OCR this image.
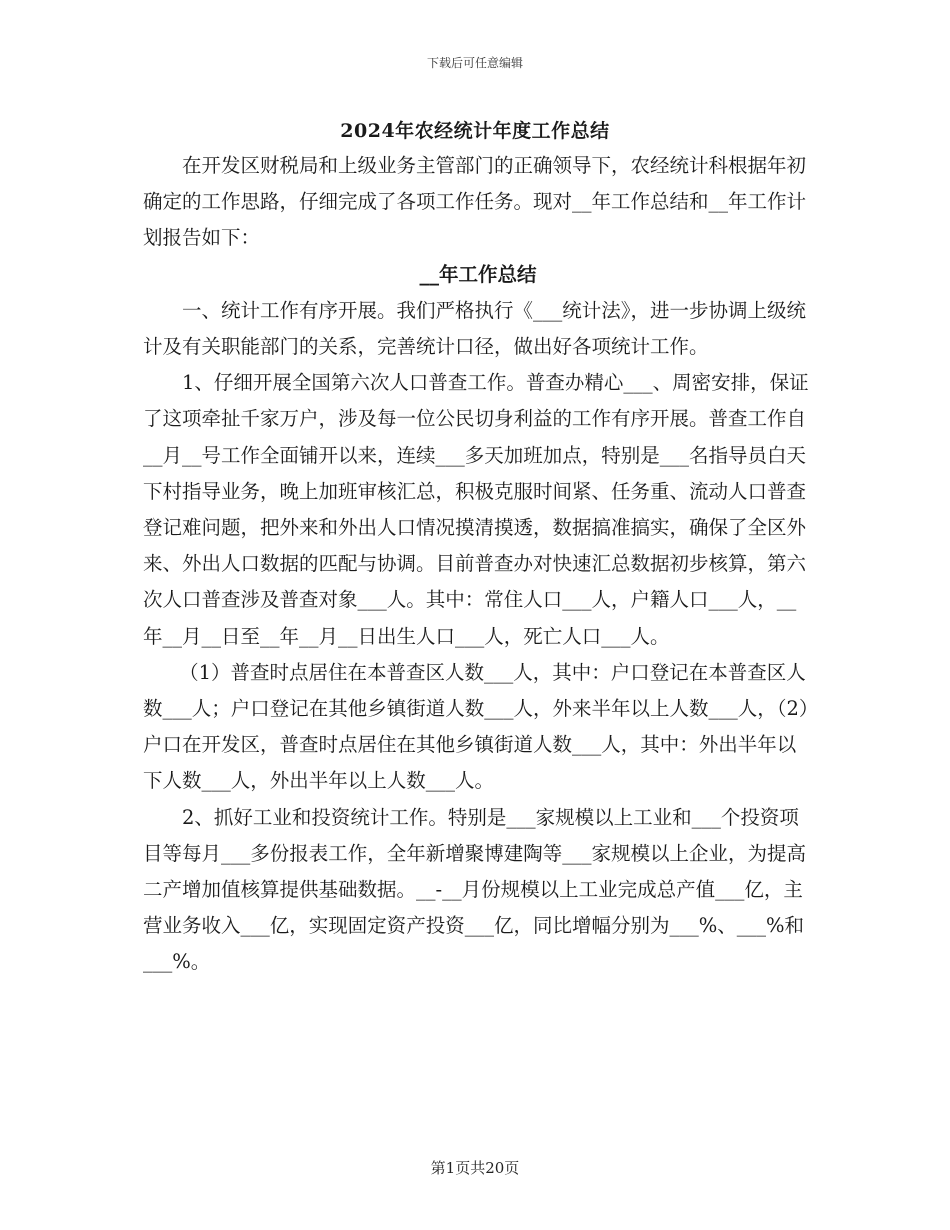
下载后可任意编辑
2024年农经统计年度工作总结

在开发区财税局和上级业务主管部门的正确领导下，农经统计科根据年初确定的工作思路，仔细完成了各项工作任务。现对__年工作总结和__年工作计划报告如下：

__年工作总结

一、统计工作有序开展。我们严格执行《___统计法》，进一步协调上级统计及有关职能部门的关系，完善统计口径，做出好各项统计工作。

1、仔细开展全国第六次人口普查工作。普查办精心___、周密安排，保证了这项牵扯千家万户，涉及每一位公民切身利益的工作有序开展。普查工作自__月__号工作全面铺开以来，连续___多天加班加点，特别是___名指导员白天下村指导业务，晚上加班审核汇总，积极克服时间紧、任务重、流动人口普查登记难问题，把外来和外出人口情况摸清摸透，数据搞准搞实，确保了全区外来、外出人口数据的匹配与协调。目前普查办对快速汇总数据初步核算，第六次人口普查涉及普查对象___人。其中：常住人口___人，户籍人口___人，__年__月__日至__年__月__日出生人口___人，死亡人口___人。

（1）普查时点居住在本普查区人数___人，其中：户口登记在本普查区人数___人；户口登记在其他乡镇街道人数___人，外来半年以上人数___人，（2）户口在开发区，普查时点居住在其他乡镇街道人数___人，其中：外出半年以下人数___人，外出半年以上人数___人。

2、抓好工业和投资统计工作。特别是___家规模以上工业和___个投资项目等每月___多份报表工作，全年新增聚博建陶等___家规模以上企业，为提高二产增加值核算提供基础数据。__-__月份规模以上工业完成总产值___亿，主营业务收入___亿，实现固定资产投资___亿，同比增幅分别为___%、___%和___%。

第1页共20页
